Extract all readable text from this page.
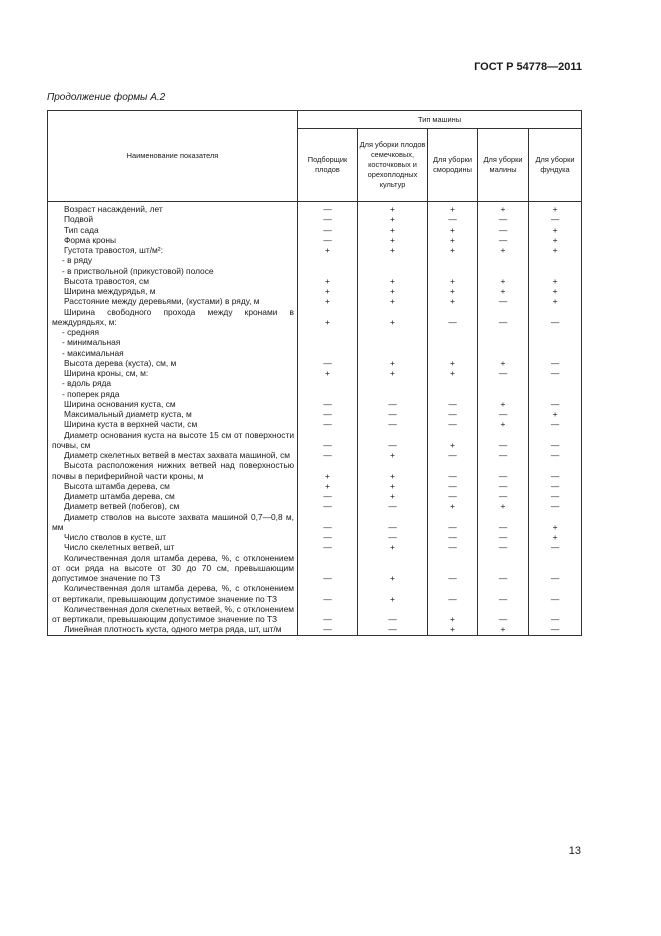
ГОСТ Р 54778—2011
Продолжение формы А.2
Наименование показателя	Тип машины				
	Подборщик плодов	Для уборки плодов семечковых, косточковых и орехоплодных культур	Для уборки смородины	Для уборки малины	Для уборки фундука
Возраст насаждений, лет	—	+	+	+	+
Подвой	—	+	—	—	—
Тип сада	—	+	+	—	+
Форма кроны	—	+	+	—	+
Густота травостоя, шт/м²:	+	+	+	+	+
- в ряду					
- в приствольной (прикустовой) полосе					
Высота травостоя, см	+	+	+	+	+
Ширина междурядья, м	+	+	+	+	+
Расстояние между деревьями, (кустами) в ряду, м	+	+	+	—	+
Ширина свободного прохода между кронами в междурядьях, м:	+	+	—	—	—
- средняя					
- минимальная					
- максимальная					
Высота дерева (куста), см, м	—	+	+	+	—
Ширина кроны, см, м:	+	+	+	—	—
- вдоль ряда					
- поперек ряда					
Ширина основания куста, см	—	—	—	+	—
Максимальный диаметр куста, м	—	—	—	—	+
Ширина куста в верхней части, см	—	—	—	+	—
Диаметр основания куста на высоте 15 см от поверхности почвы, см	—	—	+	—	—
Диаметр скелетных ветвей в местах захвата машиной, см	—	+	—	—	—
Высота расположения нижних ветвей над поверхностью почвы в периферийной части кроны, м	+	+	—	—	—
Высота штамба дерева, см	+	+	—	—	—
Диаметр штамба дерева, см	—	+	—	—	—
Диаметр ветвей (побегов), см	—	—	+	+	—
Диаметр стволов на высоте захвата машиной 0,7—0,8 м, мм	—	—	—	—	+
Число стволов в кусте, шт	—	—	—	—	+
Число скелетных ветвей, шт	—	+	—	—	—
Количественная доля штамба дерева, %, с отклонением от оси ряда на высоте от 30 до 70 см, превышающим допустимое значение по ТЗ	—	+	—	—	—
Количественная доля штамба дерева, %, с отклонением от вертикали, превышающим допустимое значение по ТЗ	—	+	—	—	—
Количественная доля скелетных ветвей, %, с отклонением от вертикали, превышающим допустимое значение по ТЗ	—	—	+	—	—
Линейная плотность куста, одного метра ряда, шт, шт/м	—	—	+	+	—
13
